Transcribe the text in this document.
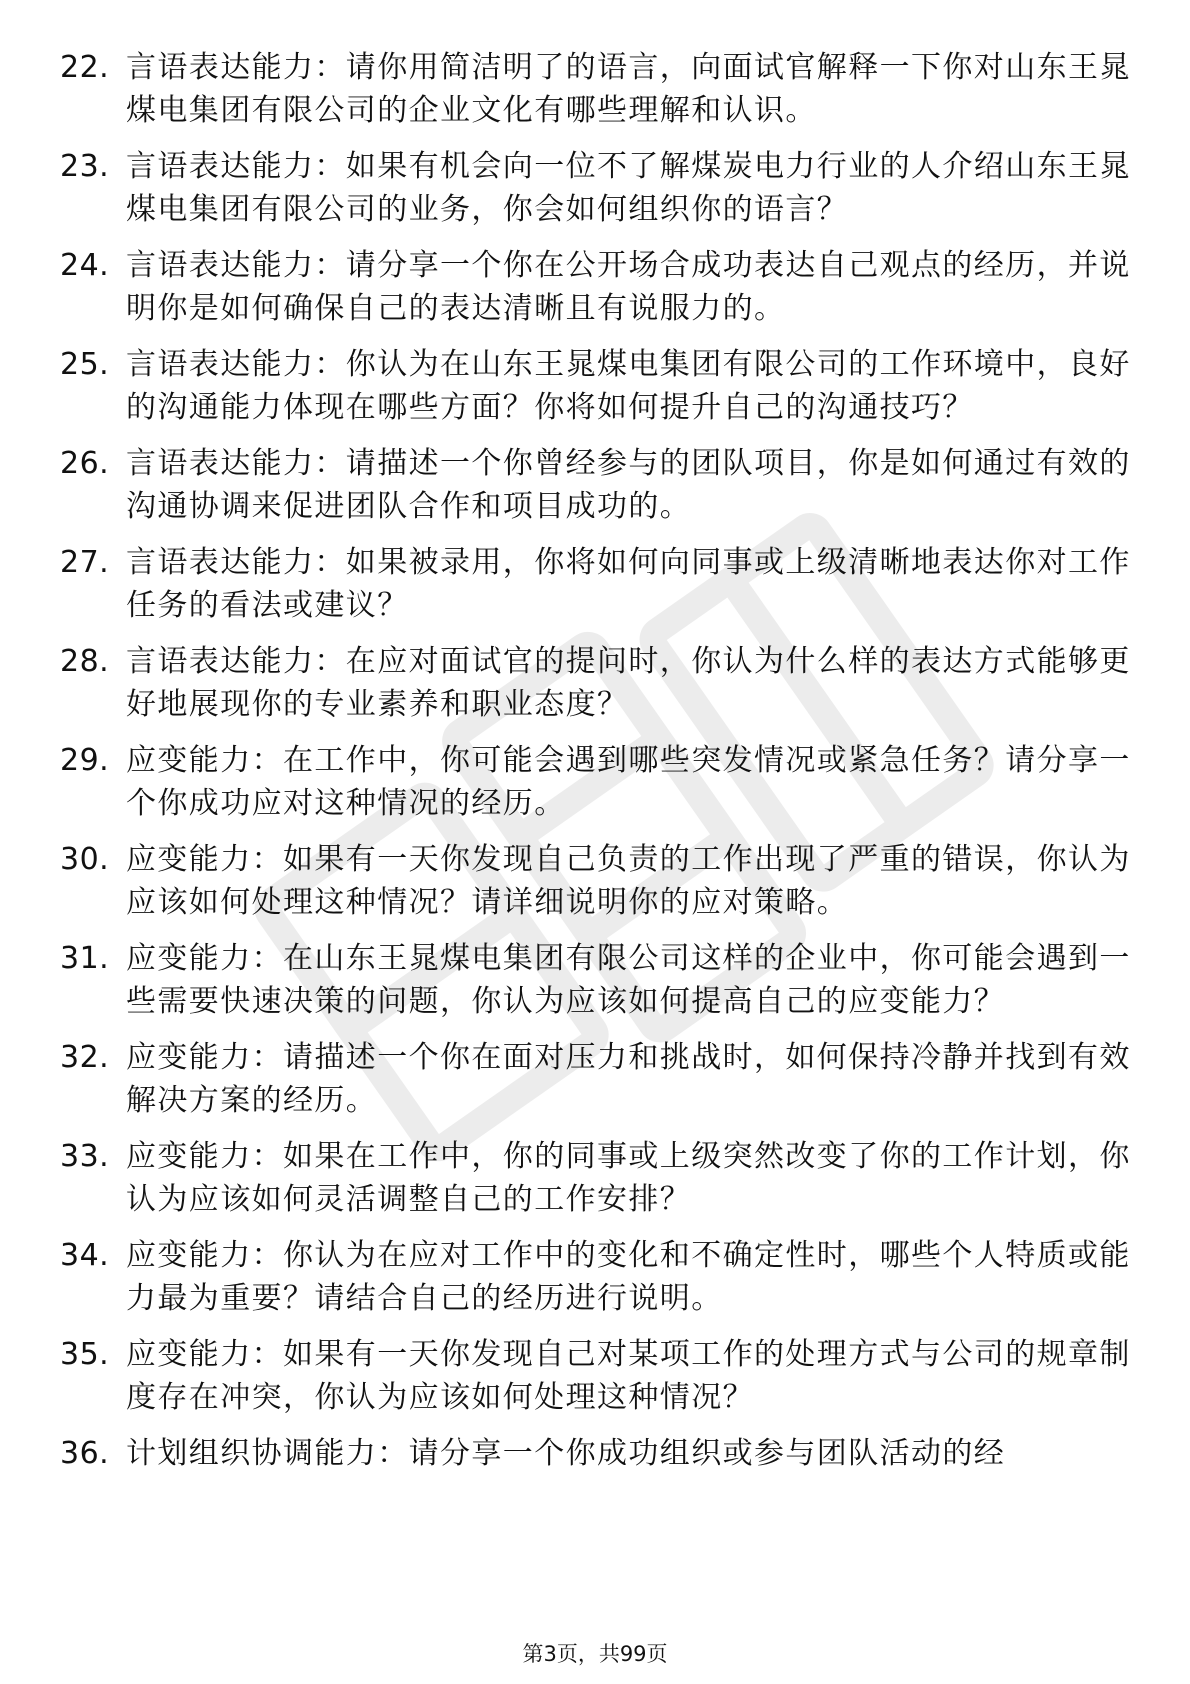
22. 言语表达能力：请你用简洁明了的语言，向面试官解释一下你对山东王晁煤电集团有限公司的企业文化有哪些理解和认识。
23. 言语表达能力：如果有机会向一位不了解煤炭电力行业的人介绍山东王晁煤电集团有限公司的业务，你会如何组织你的语言？
24. 言语表达能力：请分享一个你在公开场合成功表达自己观点的经历，并说明你是如何确保自己的表达清晰且有说服力的。
25. 言语表达能力：你认为在山东王晁煤电集团有限公司的工作环境中，良好的沟通能力体现在哪些方面？你将如何提升自己的沟通技巧？
26. 言语表达能力：请描述一个你曾经参与的团队项目，你是如何通过有效的沟通协调来促进团队合作和项目成功的。
27. 言语表达能力：如果被录用，你将如何向同事或上级清晰地表达你对工作任务的看法或建议？
28. 言语表达能力：在应对面试官的提问时，你认为什么样的表达方式能够更好地展现你的专业素养和职业态度？
29. 应变能力：在工作中，你可能会遇到哪些突发情况或紧急任务？请分享一个你成功应对这种情况的经历。
30. 应变能力：如果有一天你发现自己负责的工作出现了严重的错误，你认为应该如何处理这种情况？请详细说明你的应对策略。
31. 应变能力：在山东王晁煤电集团有限公司这样的企业中，你可能会遇到一些需要快速决策的问题，你认为应该如何提高自己的应变能力？
32. 应变能力：请描述一个你在面对压力和挑战时，如何保持冷静并找到有效解决方案的经历。
33. 应变能力：如果在工作中，你的同事或上级突然改变了你的工作计划，你认为应该如何灵活调整自己的工作安排？
34. 应变能力：你认为在应对工作中的变化和不确定性时，哪些个人特质或能力最为重要？请结合自己的经历进行说明。
35. 应变能力：如果有一天你发现自己对某项工作的处理方式与公司的规章制度存在冲突，你认为应该如何处理这种情况？
36. 计划组织协调能力：请分享一个你成功组织或参与团队活动的经
第3页，共99页
